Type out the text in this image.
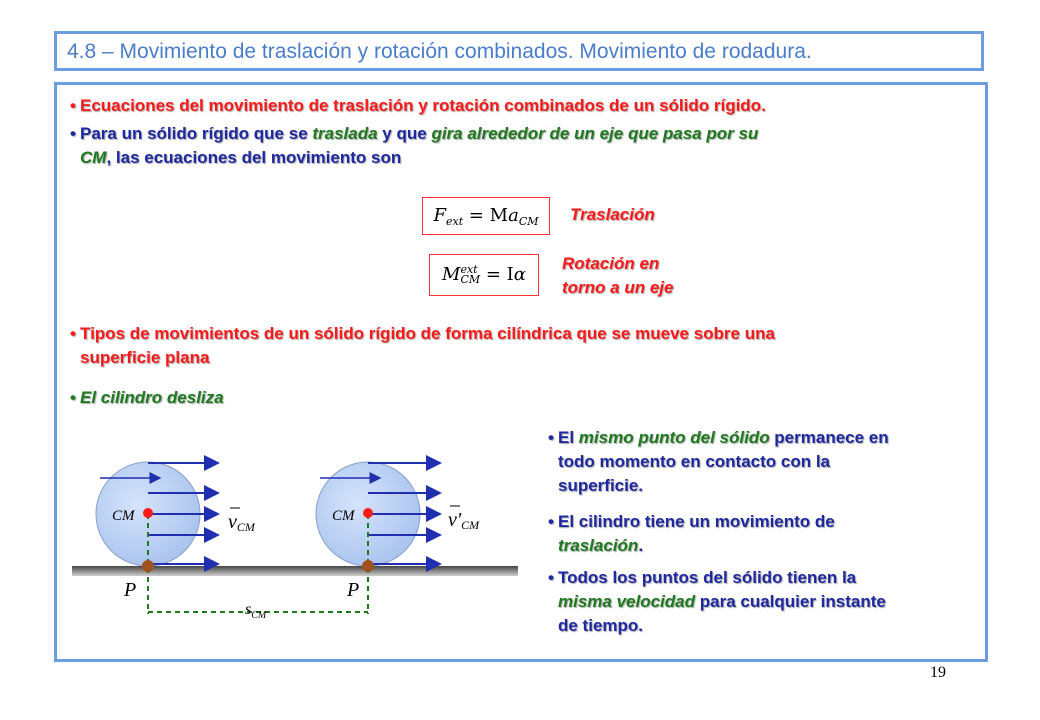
4.8 – Movimiento de traslación y rotación combinados. Movimiento de rodadura.
• Ecuaciones del movimiento de traslación y rotación combinados de un sólido rígido.
• Para un sólido rígido que se traslada y que gira alrededor de un eje que pasa por su
CM, las ecuaciones del movimiento son
$F_{ext} = Ma_{CM}$	Traslación
Mext
CM = Iα
Rotación en
torno a un eje
• Tipos de movimientos de un sólido rígido de forma cilíndrica que se mueve sobre una
superficie plana
• El cilindro desliza
• El mismo punto del sólido permanece en
todo momento en contacto con la
superficie.
• El cilindro tiene un movimiento de
traslación.
• Todos los puntos del sólido tienen la
misma velocidad para cualquier instante
de tiempo.
CM	CM
vCM	v'CM
P	P
$s_{CM}$
19
